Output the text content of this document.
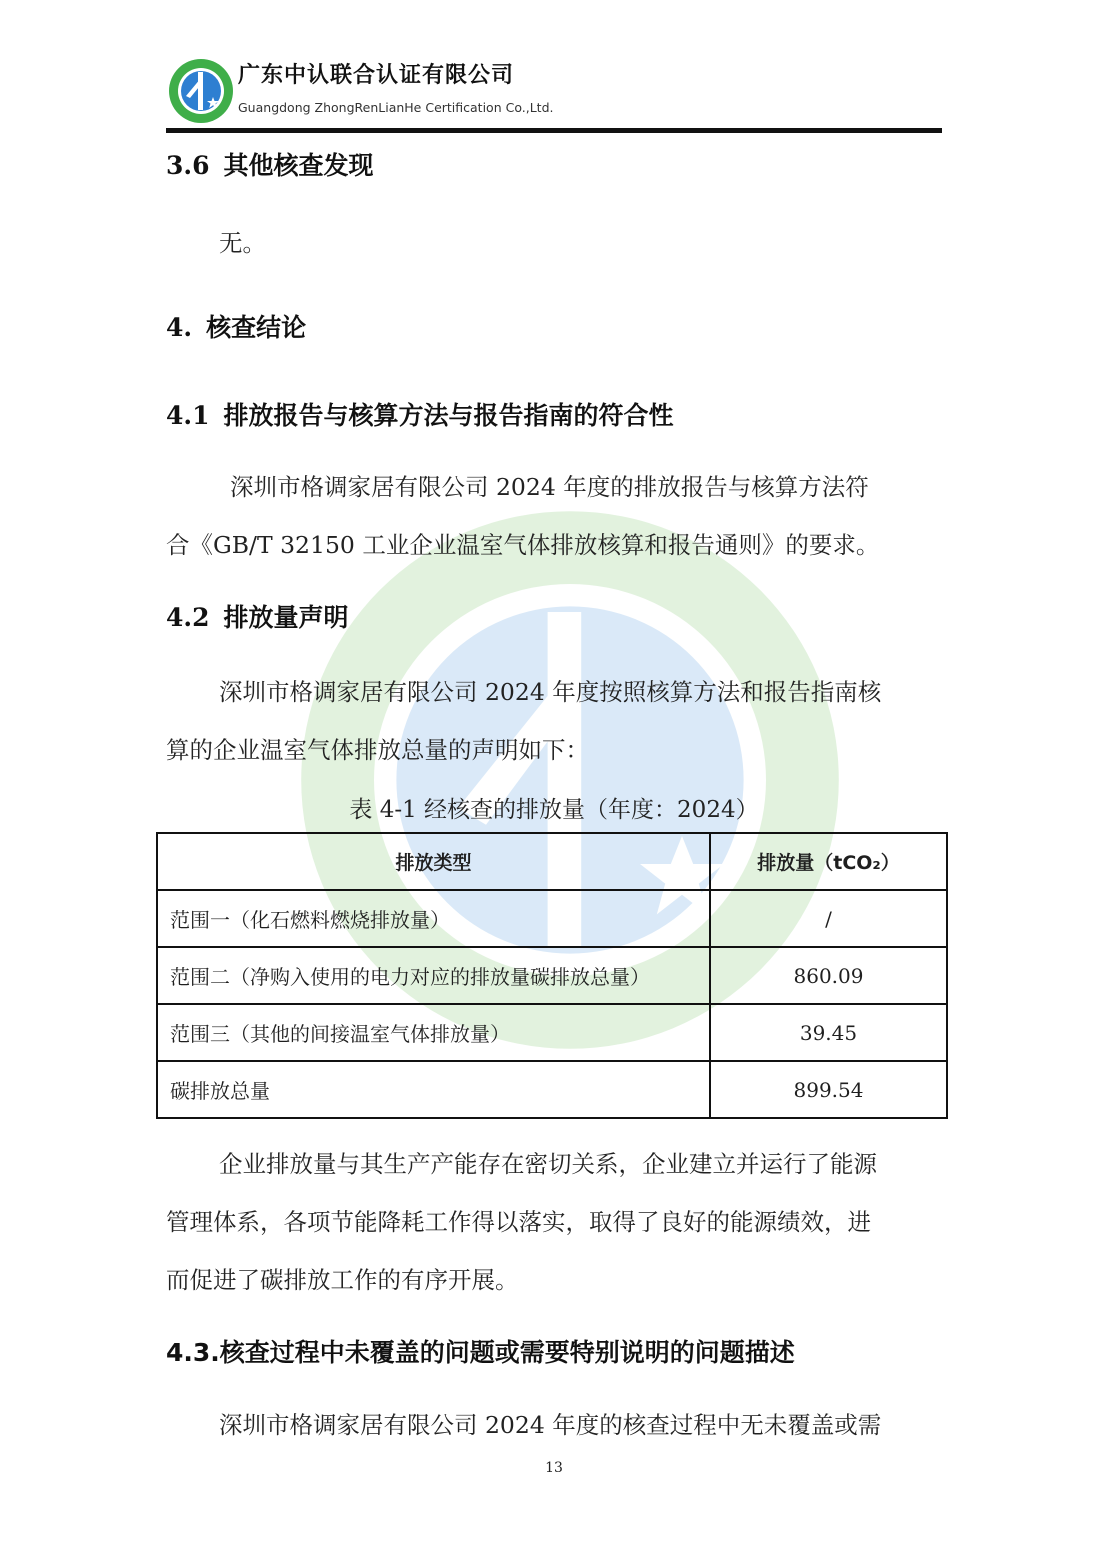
广东中认联合认证有限公司
Guangdong ZhongRenLianHe Certification Co.,Ltd.
3.6 其他核查发现
无。
4. 核查结论
4.1 排放报告与核算方法与报告指南的符合性
深圳市格调家居有限公司 2024 年度的排放报告与核算方法符
合《GB/T 32150 工业企业温室气体排放核算和报告通则》的要求。
4.2 排放量声明
深圳市格调家居有限公司 2024 年度按照核算方法和报告指南核
算的企业温室气体排放总量的声明如下：
表 4-1 经核查的排放量（年度：2024）
排放类型	排放量（tCO₂）
范围一（化石燃料燃烧排放量）	/
范围二（净购入使用的电力对应的排放量碳排放总量）	860.09
范围三（其他的间接温室气体排放量）	39.45
碳排放总量	899.54
企业排放量与其生产产能存在密切关系，企业建立并运行了能源
管理体系，各项节能降耗工作得以落实，取得了良好的能源绩效，进
而促进了碳排放工作的有序开展。
4.3.核查过程中未覆盖的问题或需要特别说明的问题描述
深圳市格调家居有限公司 2024 年度的核查过程中无未覆盖或需
13
